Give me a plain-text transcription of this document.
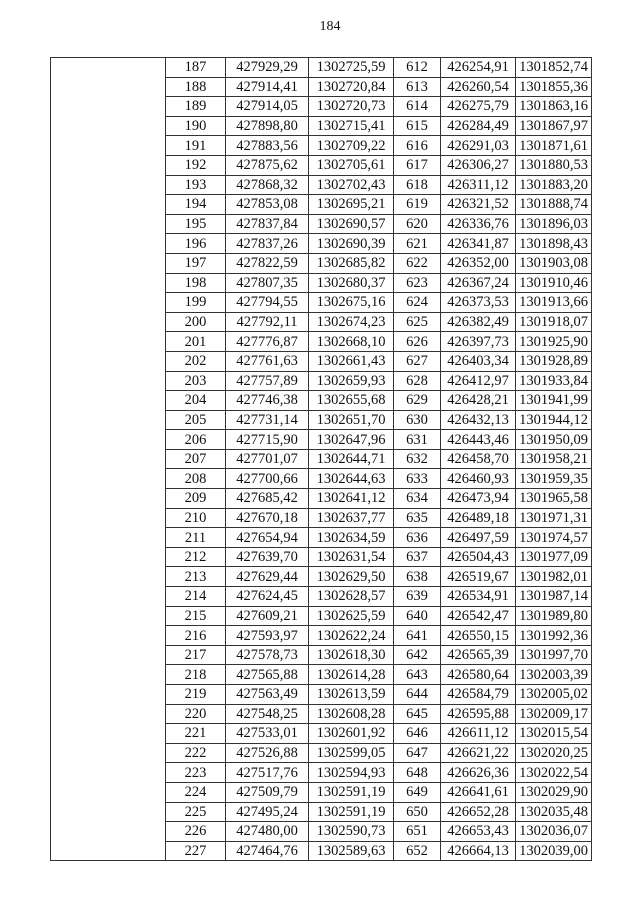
184
	187	427929,29	1302725,59	612	426254,91	1301852,74
	188	427914,41	1302720,84	613	426260,54	1301855,36
	189	427914,05	1302720,73	614	426275,79	1301863,16
	190	427898,80	1302715,41	615	426284,49	1301867,97
	191	427883,56	1302709,22	616	426291,03	1301871,61
	192	427875,62	1302705,61	617	426306,27	1301880,53
	193	427868,32	1302702,43	618	426311,12	1301883,20
	194	427853,08	1302695,21	619	426321,52	1301888,74
	195	427837,84	1302690,57	620	426336,76	1301896,03
	196	427837,26	1302690,39	621	426341,87	1301898,43
	197	427822,59	1302685,82	622	426352,00	1301903,08
	198	427807,35	1302680,37	623	426367,24	1301910,46
	199	427794,55	1302675,16	624	426373,53	1301913,66
	200	427792,11	1302674,23	625	426382,49	1301918,07
	201	427776,87	1302668,10	626	426397,73	1301925,90
	202	427761,63	1302661,43	627	426403,34	1301928,89
	203	427757,89	1302659,93	628	426412,97	1301933,84
	204	427746,38	1302655,68	629	426428,21	1301941,99
	205	427731,14	1302651,70	630	426432,13	1301944,12
	206	427715,90	1302647,96	631	426443,46	1301950,09
	207	427701,07	1302644,71	632	426458,70	1301958,21
	208	427700,66	1302644,63	633	426460,93	1301959,35
	209	427685,42	1302641,12	634	426473,94	1301965,58
	210	427670,18	1302637,77	635	426489,18	1301971,31
	211	427654,94	1302634,59	636	426497,59	1301974,57
	212	427639,70	1302631,54	637	426504,43	1301977,09
	213	427629,44	1302629,50	638	426519,67	1301982,01
	214	427624,45	1302628,57	639	426534,91	1301987,14
	215	427609,21	1302625,59	640	426542,47	1301989,80
	216	427593,97	1302622,24	641	426550,15	1301992,36
	217	427578,73	1302618,30	642	426565,39	1301997,70
	218	427565,88	1302614,28	643	426580,64	1302003,39
	219	427563,49	1302613,59	644	426584,79	1302005,02
	220	427548,25	1302608,28	645	426595,88	1302009,17
	221	427533,01	1302601,92	646	426611,12	1302015,54
	222	427526,88	1302599,05	647	426621,22	1302020,25
	223	427517,76	1302594,93	648	426626,36	1302022,54
	224	427509,79	1302591,19	649	426641,61	1302029,90
	225	427495,24	1302591,19	650	426652,28	1302035,48
	226	427480,00	1302590,73	651	426653,43	1302036,07
	227	427464,76	1302589,63	652	426664,13	1302039,00
